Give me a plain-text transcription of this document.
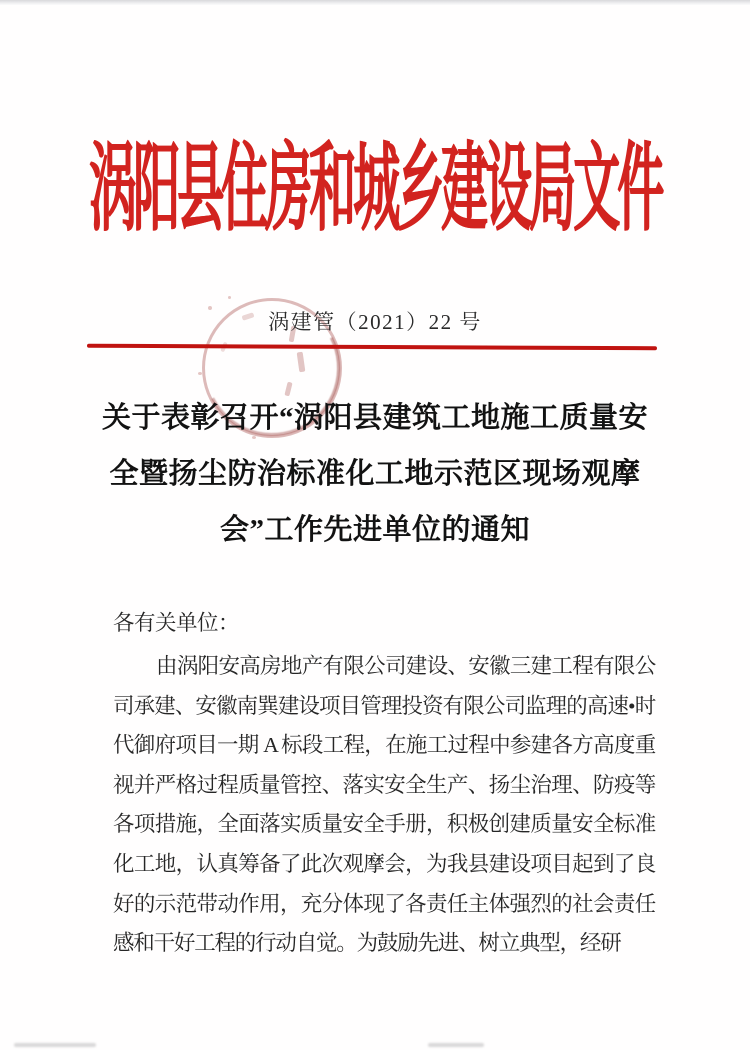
涡阳县住房和城乡建设局文件
涡建管（2021）22 号
关于表彰召开“涡阳县建筑工地施工质量安
全暨扬尘防治标准化工地示范区现场观摩
会”工作先进单位的通知
各有关单位：
由涡阳安高房地产有限公司建设、安徽三建工程有限公司承建、安徽南巽建设项目管理投资有限公司监理的高速•时代御府项目一期 A 标段工程，在施工过程中参建各方高度重视并严格过程质量管控、落实安全生产、扬尘治理、防疫等各项措施，全面落实质量安全手册，积极创建质量安全标准化工地，认真筹备了此次观摩会，为我县建设项目起到了良好的示范带动作用，充分体现了各责任主体强烈的社会责任感和干好工程的行动自觉。为鼓励先进、树立典型，经研
